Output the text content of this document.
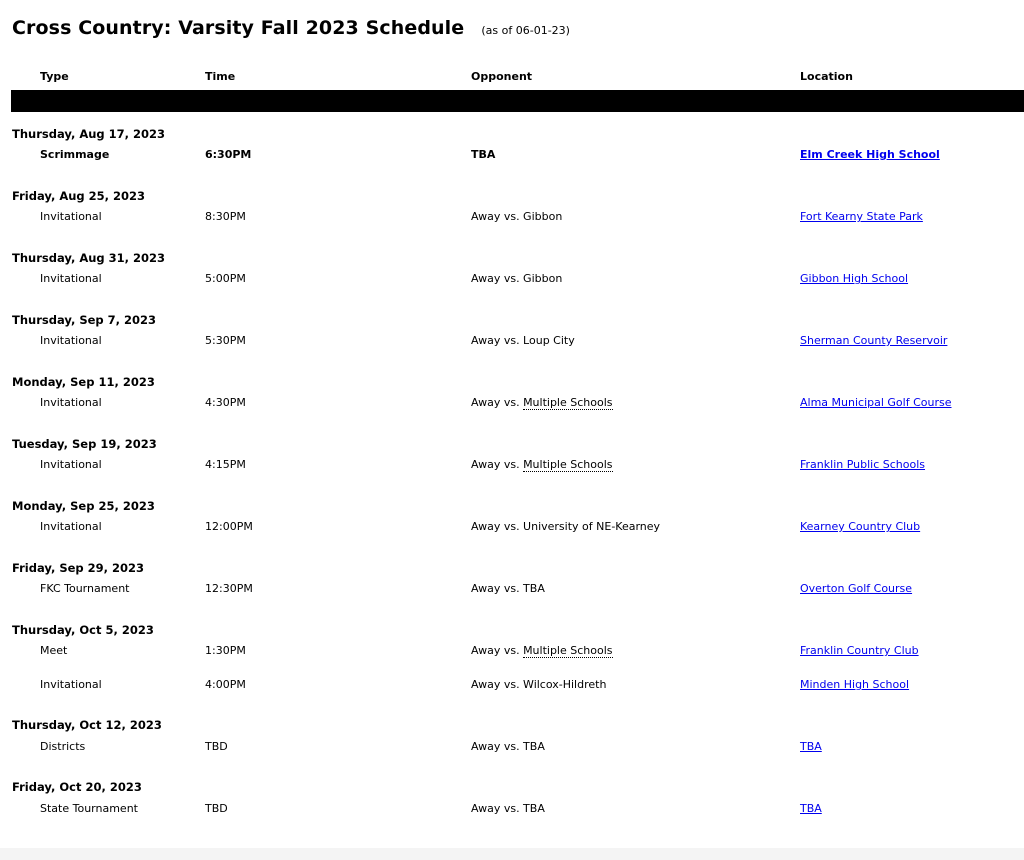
Cross Country: Varsity Fall 2023 Schedule (as of 06-01-23)
Type	Time	Opponent	Location
Thursday, Aug 17, 2023
Scrimmage	6:30PM	TBA	Elm Creek High School
Friday, Aug 25, 2023
Invitational	8:30PM	Away vs. Gibbon	Fort Kearny State Park
Thursday, Aug 31, 2023
Invitational	5:00PM	Away vs. Gibbon	Gibbon High School
Thursday, Sep 7, 2023
Invitational	5:30PM	Away vs. Loup City	Sherman County Reservoir
Monday, Sep 11, 2023
Invitational	4:30PM	Away vs. Multiple Schools	Alma Municipal Golf Course
Tuesday, Sep 19, 2023
Invitational	4:15PM	Away vs. Multiple Schools	Franklin Public Schools
Monday, Sep 25, 2023
Invitational	12:00PM	Away vs. University of NE-Kearney	Kearney Country Club
Friday, Sep 29, 2023
FKC Tournament	12:30PM	Away vs. TBA	Overton Golf Course
Thursday, Oct 5, 2023
Meet	1:30PM	Away vs. Multiple Schools	Franklin Country Club
Invitational	4:00PM	Away vs. Wilcox-Hildreth	Minden High School
Thursday, Oct 12, 2023
Districts	TBD	Away vs. TBA	TBA
Friday, Oct 20, 2023
State Tournament	TBD	Away vs. TBA	TBA
